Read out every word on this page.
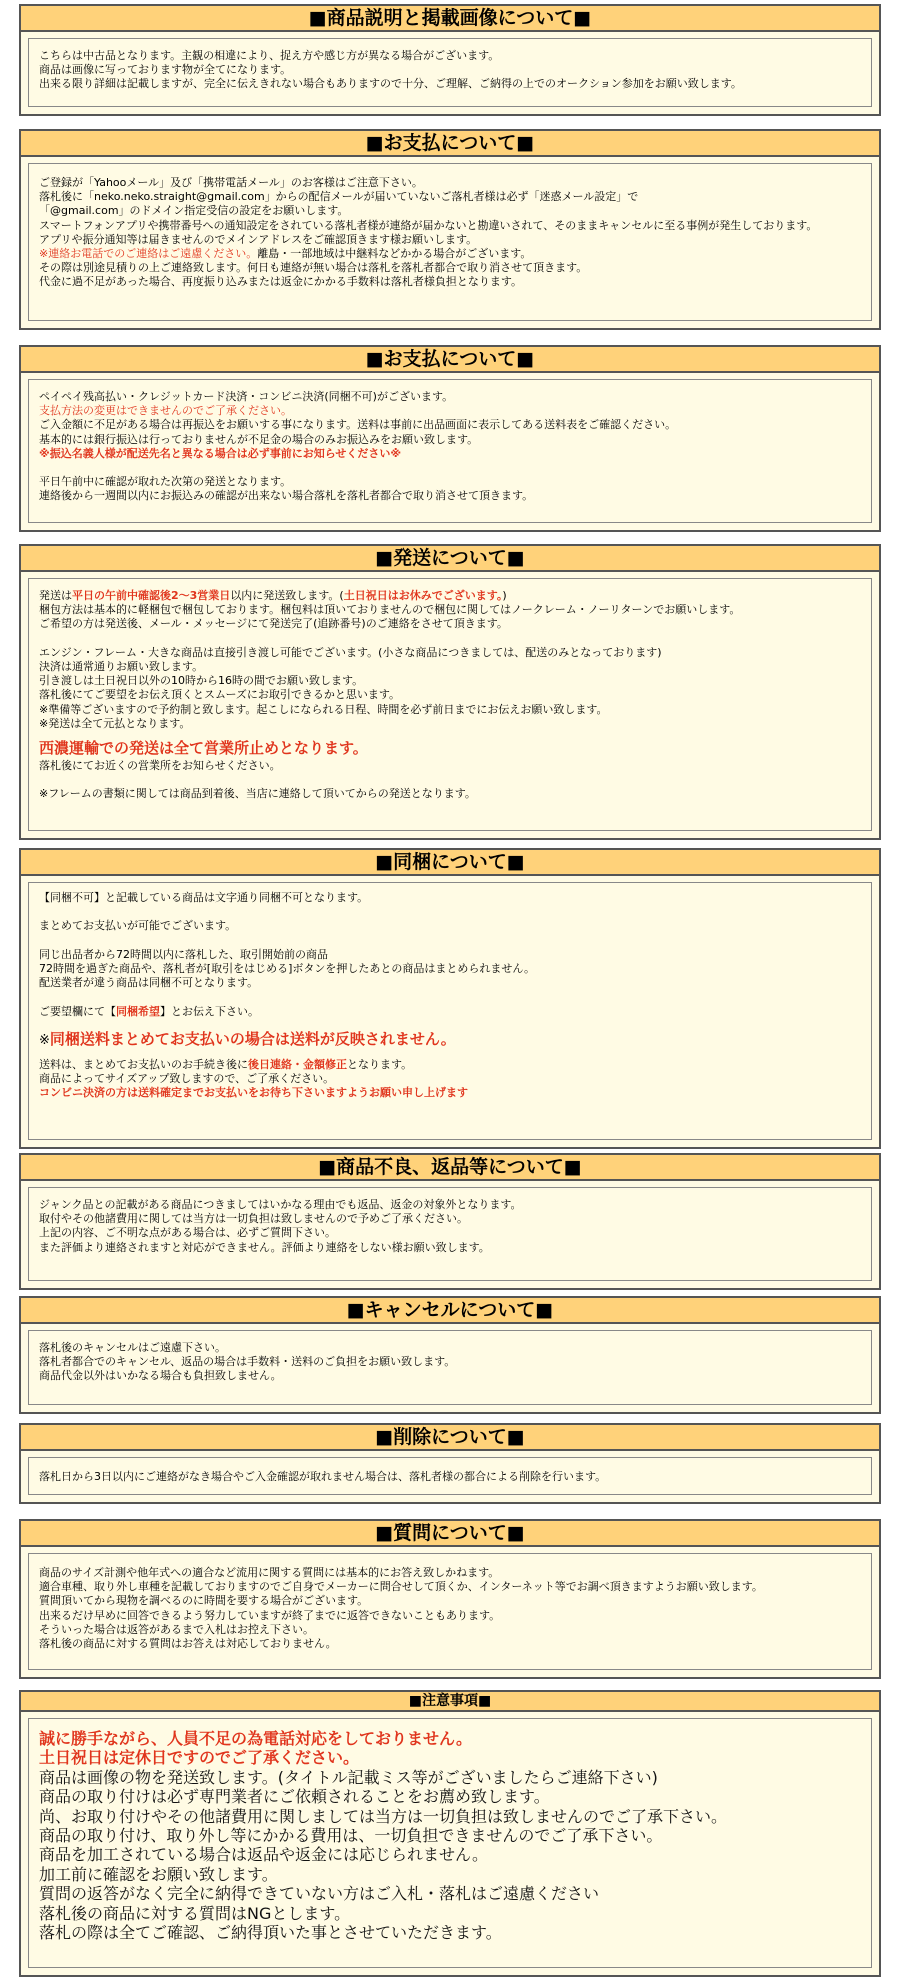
■商品説明と掲載画像について■
こちらは中古品となります。主観の相違により、捉え方や感じ方が異なる場合がございます。
商品は画像に写っております物が全てになります。
出来る限り詳細は記載しますが、完全に伝えきれない場合もありますので十分、ご理解、ご納得の上でのオークション参加をお願い致します。
■お支払について■
ご登録が「Yahooメール」及び「携帯電話メール」のお客様はご注意下さい。
落札後に「neko.neko.straight@gmail.com」からの配信メールが届いていないご落札者様は必ず「迷惑メール設定」で
「@gmail.com」のドメイン指定受信の設定をお願いします。
スマートフォンアプリや携帯番号への通知設定をされている落札者様が連絡が届かないと勘違いされて、そのままキャンセルに至る事例が発生しております。
アプリや振分通知等は届きませんのでメインアドレスをご確認頂きます様お願いします。
※連絡お電話でのご連絡はご遠慮ください。離島・一部地域は中継料などかかる場合がございます。
その際は別途見積りの上ご連絡致します。何日も連絡が無い場合は落札を落札者都合で取り消させて頂きます。
代金に過不足があった場合、再度振り込みまたは返金にかかる手数料は落札者様負担となります。
■お支払について■
ペイペイ残高払い・クレジットカード決済・コンビニ決済(同梱不可)がございます。
支払方法の変更はできませんのでご了承ください。
ご入金額に不足がある場合は再振込をお願いする事になります。送料は事前に出品画面に表示してある送料表をご確認ください。
基本的には銀行振込は行っておりませんが不足金の場合のみお振込みをお願い致します。
※振込名義人様が配送先名と異なる場合は必ず事前にお知らせください※
平日午前中に確認が取れた次第の発送となります。
連絡後から一週間以内にお振込みの確認が出来ない場合落札を落札者都合で取り消させて頂きます。
■発送について■
発送は平日の午前中確認後2～3営業日以内に発送致します。(土日祝日はお休みでございます。)
梱包方法は基本的に軽梱包で梱包しております。梱包料は頂いておりませんので梱包に関してはノークレーム・ノーリターンでお願いします。
ご希望の方は発送後、メール・メッセージにて発送完了(追跡番号)のご連絡をさせて頂きます。
エンジン・フレーム・大きな商品は直接引き渡し可能でございます。(小さな商品につきましては、配送のみとなっております)
決済は通常通りお願い致します。
引き渡しは土日祝日以外の10時から16時の間でお願い致します。
落札後にてご要望をお伝え頂くとスムーズにお取引できるかと思います。
※準備等ございますので予約制と致します。起こしになられる日程、時間を必ず前日までにお伝えお願い致します。
※発送は全て元払となります。
西濃運輸での発送は全て営業所止めとなります。
落札後にてお近くの営業所をお知らせください。
※フレームの書類に関しては商品到着後、当店に連絡して頂いてからの発送となります。
■同梱について■
【同梱不可】と記載している商品は文字通り同梱不可となります。
まとめてお支払いが可能でございます。
同じ出品者から72時間以内に落札した、取引開始前の商品
72時間を過ぎた商品や、落札者が[取引をはじめる]ボタンを押したあとの商品はまとめられません。
配送業者が違う商品は同梱不可となります。
ご要望欄にて【同梱希望】とお伝え下さい。
※同梱送料まとめてお支払いの場合は送料が反映されません。
送料は、まとめてお支払いのお手続き後に後日連絡・金額修正となります。
商品によってサイズアップ致しますので、ご了承ください。
コンビニ決済の方は送料確定までお支払いをお待ち下さいますようお願い申し上げます
■商品不良、返品等について■
ジャンク品との記載がある商品につきましてはいかなる理由でも返品、返金の対象外となります。
取付やその他諸費用に関しては当方は一切負担は致しませんので予めご了承ください。
上記の内容、ご不明な点がある場合は、必ずご質問下さい。
また評価より連絡されますと対応ができません。評価より連絡をしない様お願い致します。
■キャンセルについて■
落札後のキャンセルはご遠慮下さい。
落札者都合でのキャンセル、返品の場合は手数料・送料のご負担をお願い致します。
商品代金以外はいかなる場合も負担致しません。
■削除について■
落札日から3日以内にご連絡がなき場合やご入金確認が取れません場合は、落札者様の都合による削除を行います。
■質問について■
商品のサイズ計測や他年式への適合など流用に関する質問には基本的にお答え致しかねます。
適合車種、取り外し車種を記載しておりますのでご自身でメーカーに問合せして頂くか、インターネット等でお調べ頂きますようお願い致します。
質問頂いてから現物を調べるのに時間を要する場合がございます。
出来るだけ早めに回答できるよう努力していますが終了までに返答できないこともあります。
そういった場合は返答があるまで入札はお控え下さい。
落札後の商品に対する質問はお答えは対応しておりません。
■注意事項■
誠に勝手ながら、人員不足の為電話対応をしておりません。
土日祝日は定休日ですのでご了承ください。
商品は画像の物を発送致します。(タイトル記載ミス等がございましたらご連絡下さい)
商品の取り付けは必ず専門業者にご依頼されることをお薦め致します。
尚、お取り付けやその他諸費用に関しましては当方は一切負担は致しませんのでご了承下さい。
商品の取り付け、取り外し等にかかる費用は、一切負担できませんのでご了承下さい。
商品を加工されている場合は返品や返金には応じられません。
加工前に確認をお願い致します。
質問の返答がなく完全に納得できていない方はご入札・落札はご遠慮ください
落札後の商品に対する質問はNGとします。
落札の際は全てご確認、ご納得頂いた事とさせていただきます。
